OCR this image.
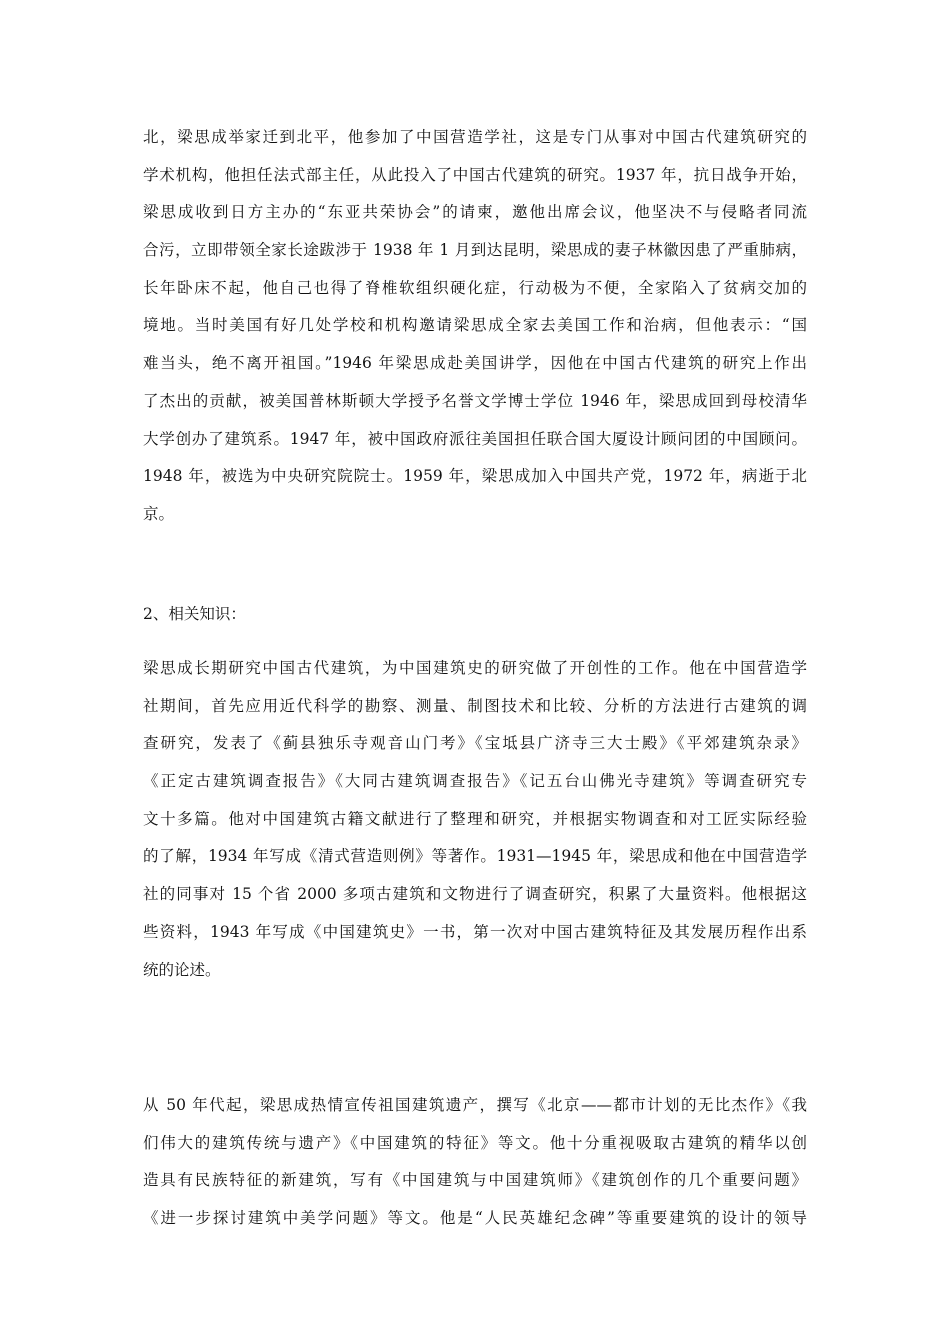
北，梁思成举家迁到北平，他参加了中国营造学社，这是专门从事对中国古代建筑研究的
学术机构，他担任法式部主任，从此投入了中国古代建筑的研究。1937 年，抗日战争开始，
梁思成收到日方主办的“东亚共荣协会”的请柬，邀他出席会议，他坚决不与侵略者同流
合污，立即带领全家长途跋涉于 1938 年 1 月到达昆明，梁思成的妻子林徽因患了严重肺病，
长年卧床不起，他自己也得了脊椎软组织硬化症，行动极为不便，全家陷入了贫病交加的
境地。当时美国有好几处学校和机构邀请梁思成全家去美国工作和治病，但他表示：“国
难当头，绝不离开祖国。”1946 年梁思成赴美国讲学，因他在中国古代建筑的研究上作出
了杰出的贡献，被美国普林斯顿大学授予名誉文学博士学位 1946 年，梁思成回到母校清华
大学创办了建筑系。1947 年，被中国政府派往美国担任联合国大厦设计顾问团的中国顾问。
1948 年，被选为中央研究院院士。1959 年，梁思成加入中国共产党，1972 年，病逝于北
京。
2、相关知识：
梁思成长期研究中国古代建筑，为中国建筑史的研究做了开创性的工作。他在中国营造学
社期间，首先应用近代科学的勘察、测量、制图技术和比较、分析的方法进行古建筑的调
查研究，发表了《蓟县独乐寺观音山门考》《宝坻县广济寺三大士殿》《平郊建筑杂录》
《正定古建筑调查报告》《大同古建筑调查报告》《记五台山佛光寺建筑》等调查研究专
文十多篇。他对中国建筑古籍文献进行了整理和研究，并根据实物调查和对工匠实际经验
的了解，1934 年写成《清式营造则例》等著作。1931—1945 年，梁思成和他在中国营造学
社的同事对 15 个省 2000 多项古建筑和文物进行了调查研究，积累了大量资料。他根据这
些资料，1943 年写成《中国建筑史》一书，第一次对中国古建筑特征及其发展历程作出系
统的论述。
从 50 年代起，梁思成热情宣传祖国建筑遗产，撰写《北京——都市计划的无比杰作》《我
们伟大的建筑传统与遗产》《中国建筑的特征》等文。他十分重视吸取古建筑的精华以创
造具有民族特征的新建筑，写有《中国建筑与中国建筑师》《建筑创作的几个重要问题》
《进一步探讨建筑中美学问题》等文。他是“人民英雄纪念碑”等重要建筑的设计的领导
